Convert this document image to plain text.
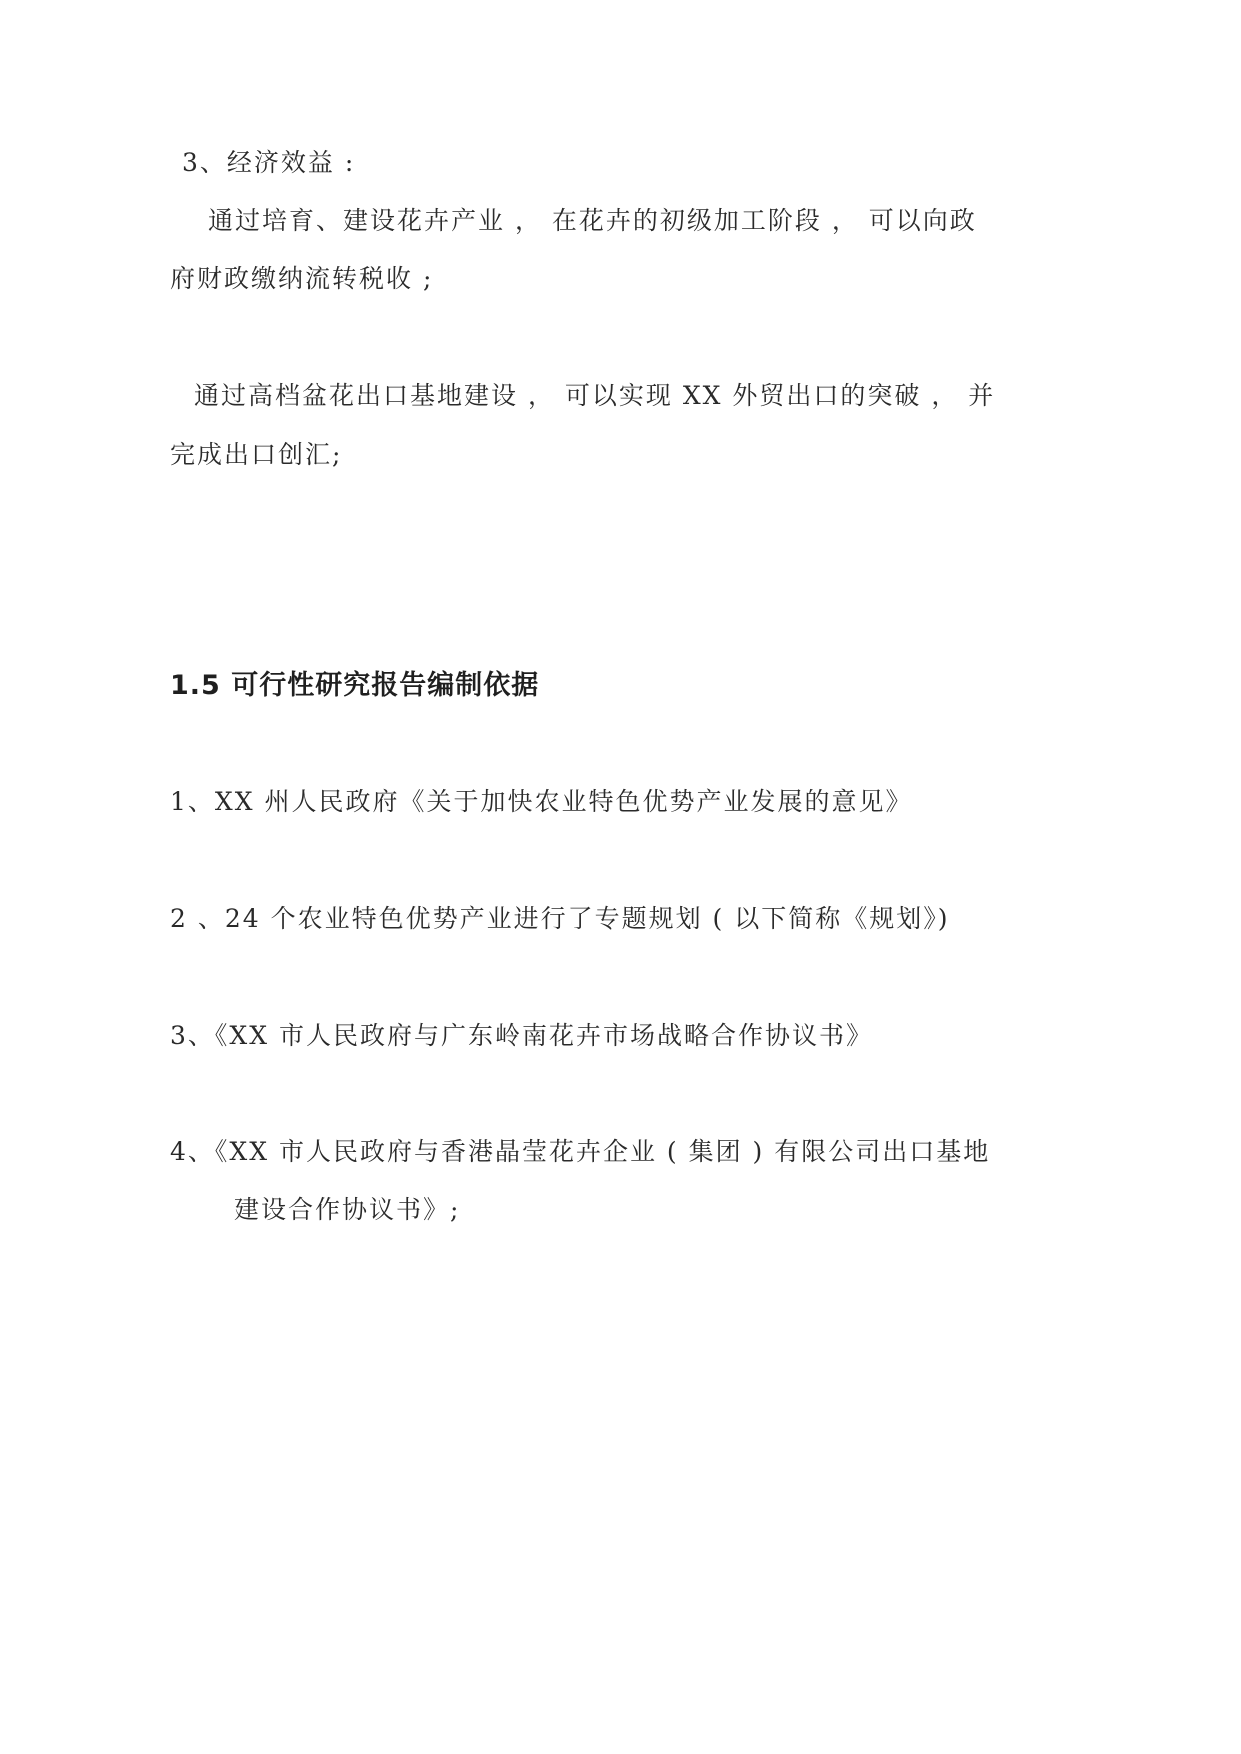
3、经济效益 :
通过培育、建设花卉产业 ， 在花卉的初级加工阶段 ， 可以向政
府财政缴纳流转税收 ;
通过高档盆花出口基地建设 ， 可以实现 XX 外贸出口的突破 ， 并
完成出口创汇;
1.5 可行性研究报告编制依据
1、XX 州人民政府《关于加快农业特色优势产业发展的意见》
2 、24 个农业特色优势产业进行了专题规划 ( 以下简称《规划》)
3、《XX 市人民政府与广东岭南花卉市场战略合作协议书》
4、《XX 市人民政府与香港晶莹花卉企业 ( 集团 ) 有限公司出口基地
建设合作协议书》;
